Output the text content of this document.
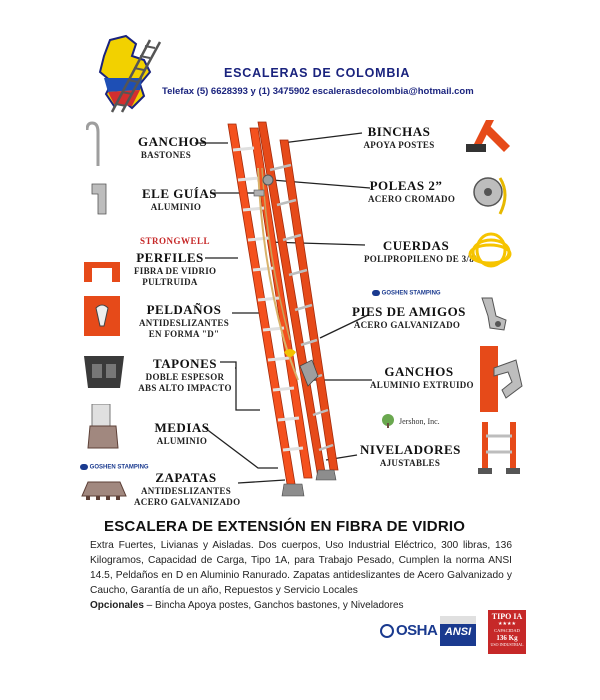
ESCALERAS DE COLOMBIA
Telefax (5) 6628393 y (1) 3475902 escalerasdecolombia@hotmail.com
GANCHOS
BASTONES
ELE GUÍAS
ALUMINIO
PERFILES
FIBRA DE VIDRIO
PULTRUIDA
PELDAÑOS
ANTIDESLIZANTES
EN FORMA "D"
TAPONES
DOBLE ESPESOR
ABS ALTO IMPACTO
MEDIAS
ALUMINIO
ZAPATAS
ANTIDESLIZANTES
ACERO GALVANIZADO
BINCHAS
APOYA POSTES
POLEAS 2”
ACERO CROMADO
CUERDAS
POLIPROPILENO DE 3/8”
PIES DE AMIGOS
ACERO GALVANIZADO
GANCHOS
ALUMINIO EXTRUIDO
NIVELADORES
AJUSTABLES
STRONGWELL
GOSHEN STAMPING
GOSHEN STAMPING
Jershon, Inc.
ESCALERA DE EXTENSIÓN EN FIBRA DE VIDRIO
Extra Fuertes, Livianas y Aisladas. Dos cuerpos, Uso Industrial Eléctrico, 300 libras, 136 Kilogramos, Capacidad de Carga, Tipo 1A, para Trabajo Pesado, Cumplen la norma ANSI 14.5, Peldaños en D en Aluminio Ranurado. Zapatas antideslizantes de Acero Galvanizado y Caucho, Garantía de un año, Repuestos y Servicio Locales
Opcionales – Bincha Apoya postes, Ganchos bastones, y Niveladores
OSHA ANSI
TIPO IA
★★★★
CAPACIDAD
136 Kg
USO INDUSTRIAL
